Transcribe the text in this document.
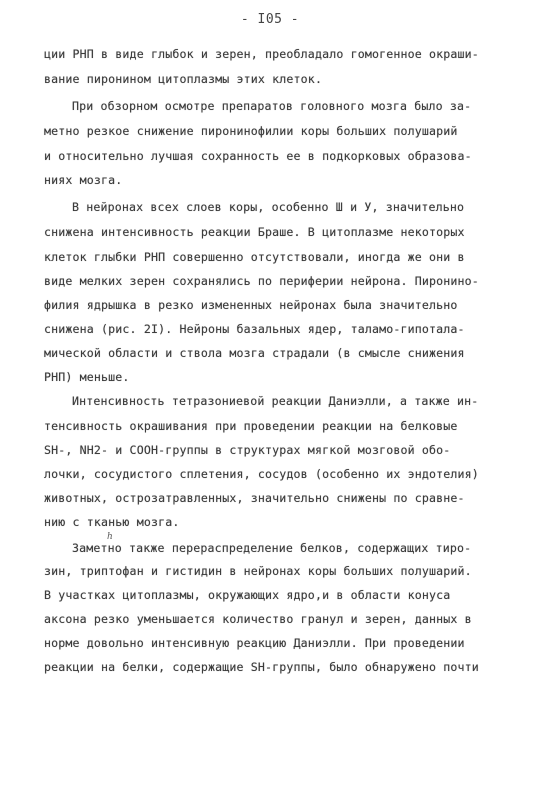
- I05 -
ции РНП в виде глыбок и зерен, преобладало гомогенное окраши-
вание пиронином цитоплазмы этих клеток.
При обзорном осмотре препаратов головного мозга было за-
метно резкое снижение пиронинофилии коры больших полушарий
и относительно лучшая сохранность ее в подкорковых образова-
ниях мозга.
В нейронах всех слоев коры, особенно Ш и У, значительно
снижена интенсивность реакции Браше. В цитоплазме некоторых
клеток глыбки РНП совершенно отсутствовали, иногда же они в
виде мелких зерен сохранялись по периферии нейрона. Пиронино-
филия ядрышка в резко измененных нейронах была значительно
снижена (рис. 2I). Нейроны базальных ядер, таламо-гипотала-
мической области и ствола мозга страдали (в смысле снижения
РНП) меньше.
Интенсивность тетразониевой реакции Даниэлли, а также ин-
тенсивность окрашивания при проведении реакции на белковые
SH-, NH2- и СООН-группы в структурах мягкой мозговой обо-
лочки, сосудистого сплетения, сосудов (особенно их эндотелия)
животных, острозатравленных, значительно снижены по сравне-
нию с тканью мозга.
Заметно также перераспределение белков, содержащих тиро-
h
зин, триптофан и гистидин в нейронах коры больших полушарий.
В участках цитоплазмы, окружающих ядро,и в области конуса
аксона резко уменьшается количество гранул и зерен, данных в
норме довольно интенсивную реакцию Даниэлли. При проведении
реакции на белки, содержащие SH-группы, было обнаружено почти
